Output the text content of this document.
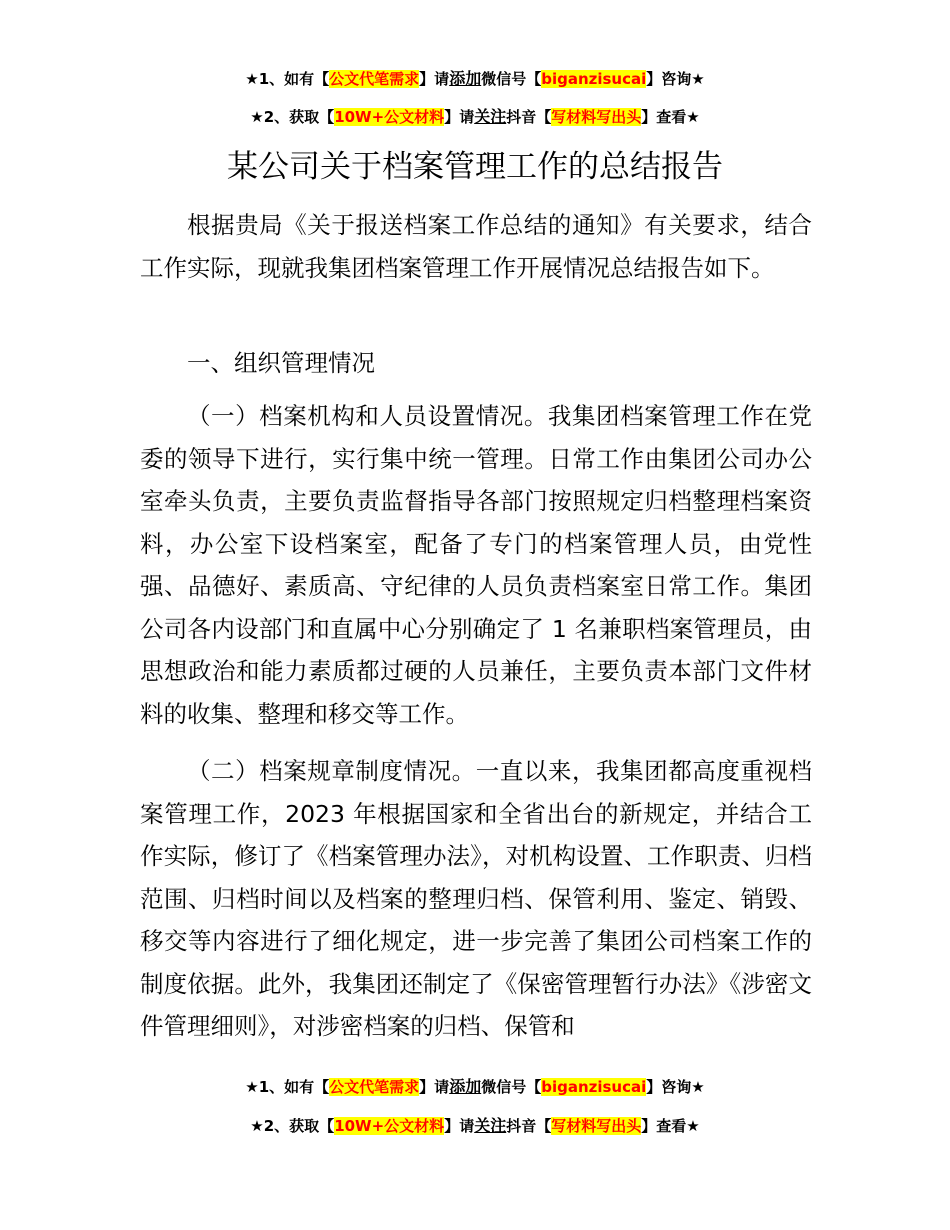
★1、如有【公文代笔需求】请添加微信号【biganzisucai】咨询★
★2、获取【10W+公文材料】请关注抖音【写材料写出头】查看★
某公司关于档案管理工作的总结报告

根据贵局《关于报送档案工作总结的通知》有关要求，结合工作实际，现就我集团档案管理工作开展情况总结报告如下。

一、组织管理情况

（一）档案机构和人员设置情况。我集团档案管理工作在党委的领导下进行，实行集中统一管理。日常工作由集团公司办公室牵头负责，主要负责监督指导各部门按照规定归档整理档案资料，办公室下设档案室，配备了专门的档案管理人员，由党性强、品德好、素质高、守纪律的人员负责档案室日常工作。集团公司各内设部门和直属中心分别确定了 1 名兼职档案管理员，由思想政治和能力素质都过硬的人员兼任，主要负责本部门文件材料的收集、整理和移交等工作。

（二）档案规章制度情况。一直以来，我集团都高度重视档案管理工作，2023 年根据国家和全省出台的新规定，并结合工作实际，修订了《档案管理办法》，对机构设置、工作职责、归档范围、归档时间以及档案的整理归档、保管利用、鉴定、销毁、移交等内容进行了细化规定，进一步完善了集团公司档案工作的制度依据。此外，我集团还制定了《保密管理暂行办法》《涉密文件管理细则》，对涉密档案的归档、保管和

★1、如有【公文代笔需求】请添加微信号【biganzisucai】咨询★
★2、获取【10W+公文材料】请关注抖音【写材料写出头】查看★
